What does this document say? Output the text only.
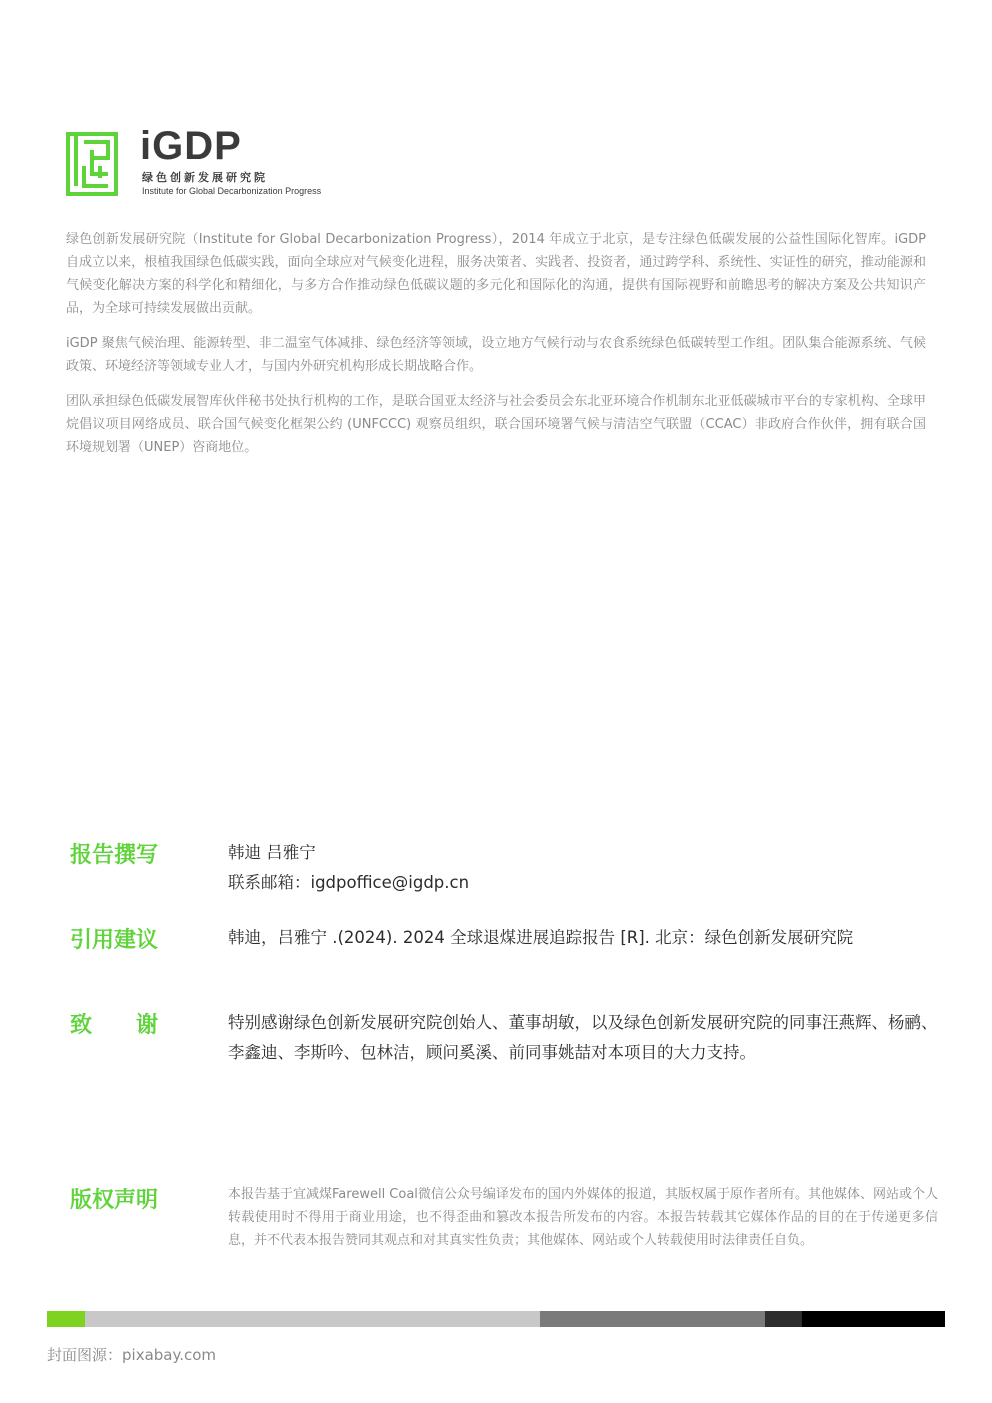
iGDP
绿色创新发展研究院
Institute for Global Decarbonization Progress

绿色创新发展研究院（Institute for Global Decarbonization Progress），2014 年成立于北京，是专注绿色低碳发展的公益性国际化智库。iGDP 自成立以来，根植我国绿色低碳实践，面向全球应对气候变化进程，服务决策者、实践者、投资者，通过跨学科、系统性、实证性的研究，推动能源和气候变化解决方案的科学化和精细化，与多方合作推动绿色低碳议题的多元化和国际化的沟通，提供有国际视野和前瞻思考的解决方案及公共知识产品，为全球可持续发展做出贡献。

iGDP 聚焦气候治理、能源转型、非二温室气体减排、绿色经济等领域，设立地方气候行动与农食系统绿色低碳转型工作组。团队集合能源系统、气候政策、环境经济等领域专业人才，与国内外研究机构形成长期战略合作。

团队承担绿色低碳发展智库伙伴秘书处执行机构的工作，是联合国亚太经济与社会委员会东北亚环境合作机制东北亚低碳城市平台的专家机构、全球甲烷倡议项目网络成员、联合国气候变化框架公约 (UNFCCC) 观察员组织，联合国环境署气候与清洁空气联盟（CCAC）非政府合作伙伴，拥有联合国环境规划署（UNEP）咨商地位。

报告撰写	韩迪 吕雅宁
联系邮箱：igdpoffice@igdp.cn
引用建议	韩迪，吕雅宁 .(2024). 2024 全球退煤进展追踪报告 [R]. 北京：绿色创新发展研究院
致　　谢	特别感谢绿色创新发展研究院创始人、董事胡敏，以及绿色创新发展研究院的同事汪燕辉、杨鹂、李鑫迪、李斯吟、包林洁，顾问奚溪、前同事姚喆对本项目的大力支持。
版权声明	本报告基于宜减煤Farewell Coal微信公众号编译发布的国内外媒体的报道，其版权属于原作者所有。其他媒体、网站或个人转载使用时不得用于商业用途，也不得歪曲和篡改本报告所发布的内容。本报告转载其它媒体作品的目的在于传递更多信息，并不代表本报告赞同其观点和对其真实性负责；其他媒体、网站或个人转载使用时法律责任自负。
封面图源：pixabay.com
